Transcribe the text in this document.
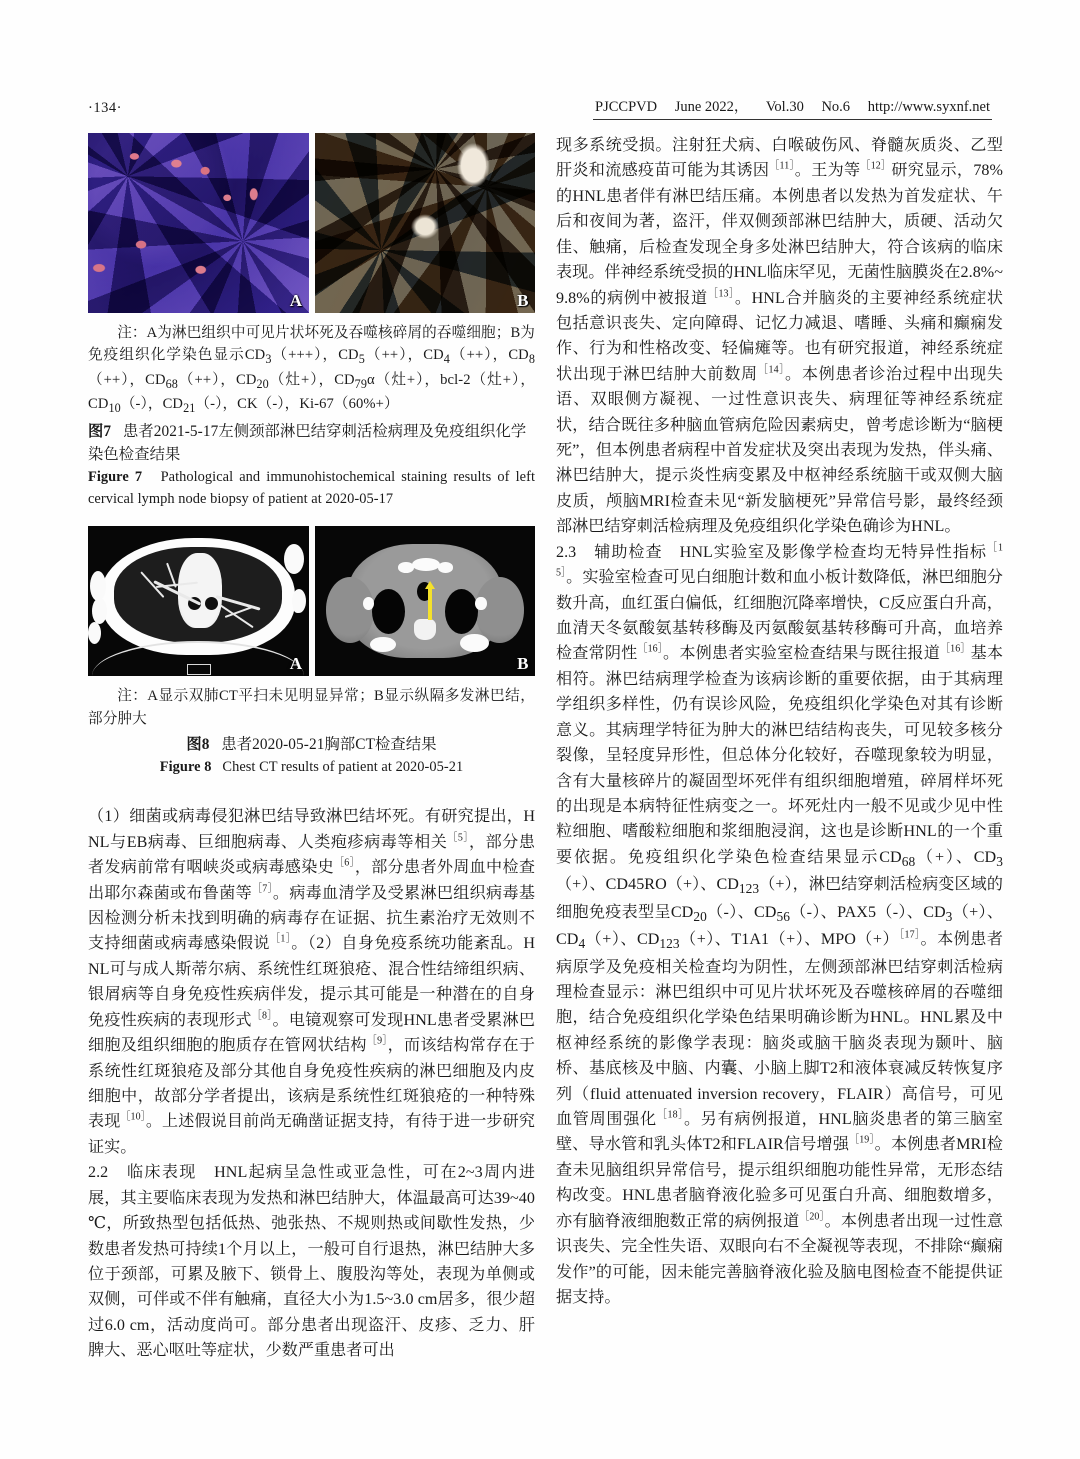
·134·	PJCCPVD June 2022， Vol.30 No.6 http://www.syxnf.net
A	B
注：A为淋巴组织中可见片状坏死及吞噬核碎屑的吞噬细胞；B为免疫组织化学染色显示$CD_3(+++)$，$CD_5(++)$，$CD_4(++)$，$CD_8(++)$，$CD_{68}(++)$，$CD_{20}$（灶+），$CD_{79}\alpha$（灶+），bcl-2（灶+），$CD_{10}(-)$，$CD_{21}(-)$，CK（-），Ki-67（60%+）
图7 患者2021-5-17左侧颈部淋巴结穿刺活检病理及免疫组织化学染色检查结果
Figure 7 Pathological and immunohistochemical staining results of left cervical lymph node biopsy of patient at 2020-05-17
A	B
注：A显示双肺CT平扫未见明显异常；B显示纵隔多发淋巴结，部分肿大
图8 患者2020-05-21胸部CT检查结果
Figure 8 Chest CT results of patient at 2020-05-21

（1）细菌或病毒侵犯淋巴结导致淋巴结坏死。有研究提出，HNL与EB病毒、巨细胞病毒、人类疱疹病毒等相关$^{[5]}$，部分患者发病前常有咽峡炎或病毒感染史$^{[6]}$，部分患者外周血中检查出耶尔森菌或布鲁菌等$^{[7]}$。病毒血清学及受累淋巴组织病毒基因检测分析未找到明确的病毒存在证据、抗生素治疗无效则不支持细菌或病毒感染假说$^{[1]}$。（2）自身免疫系统功能紊乱。HNL可与成人斯蒂尔病、系统性红斑狼疮、混合性结缔组织病、银屑病等自身免疫性疾病伴发，提示其可能是一种潜在的自身免疫性疾病的表现形式$^{[8]}$。电镜观察可发现HNL患者受累淋巴细胞及组织细胞的胞质存在管网状结构$^{[9]}$，而该结构常存在于系统性红斑狼疮及部分其他自身免疫性疾病的淋巴细胞及内皮细胞中，故部分学者提出，该病是系统性红斑狼疮的一种特殊表现$^{[10]}$。上述假说目前尚无确凿证据支持，有待于进一步研究证实。

2.2　临床表现　HNL起病呈急性或亚急性，可在2~3周内进展，其主要临床表现为发热和淋巴结肿大，体温最高可达39~40 ℃，所致热型包括低热、弛张热、不规则热或间歇性发热，少数患者发热可持续1个月以上，一般可自行退热，淋巴结肿大多位于颈部，可累及腋下、锁骨上、腹股沟等处，表现为单侧或双侧，可伴或不伴有触痛，直径大小为1.5~3.0 cm居多，很少超过6.0 cm，活动度尚可。部分患者出现盗汗、皮疹、乏力、肝脾大、恶心呕吐等症状，少数严重患者可出

现多系统受损。注射狂犬病、白喉破伤风、脊髓灰质炎、乙型肝炎和流感疫苗可能为其诱因$^{[11]}$。王为等$^{[12]}$研究显示，78%的HNL患者伴有淋巴结压痛。本例患者以发热为首发症状、午后和夜间为著，盗汗，伴双侧颈部淋巴结肿大，质硬、活动欠佳、触痛，后检查发现全身多处淋巴结肿大，符合该病的临床表现。伴神经系统受损的HNL临床罕见，无菌性脑膜炎在2.8%~9.8%的病例中被报道$^{[13]}$。HNL合并脑炎的主要神经系统症状包括意识丧失、定向障碍、记忆力减退、嗜睡、头痛和癫痫发作、行为和性格改变、轻偏瘫等。也有研究报道，神经系统症状出现于淋巴结肿大前数周$^{[14]}$。本例患者诊治过程中出现失语、双眼侧方凝视、一过性意识丧失、病理征等神经系统症状，结合既往多种脑血管病危险因素病史，曾考虑诊断为“脑梗死”，但本例患者病程中首发症状及突出表现为发热，伴头痛、淋巴结肿大，提示炎性病变累及中枢神经系统脑干或双侧大脑皮质，颅脑MRI检查未见“新发脑梗死”异常信号影，最终经颈部淋巴结穿刺活检病理及免疫组织化学染色确诊为HNL。

2.3　辅助检查　HNL实验室及影像学检查均无特异性指标$^{[15]}$。实验室检查可见白细胞计数和血小板计数降低，淋巴细胞分数升高，血红蛋白偏低，红细胞沉降率增快，C反应蛋白升高，血清天冬氨酸氨基转移酶及丙氨酸氨基转移酶可升高，血培养检查常阴性$^{[16]}$。本例患者实验室检查结果与既往报道$^{[16]}$基本相符。淋巴结病理学检查为该病诊断的重要依据，由于其病理学组织多样性，仍有误诊风险，免疫组织化学染色对其有诊断意义。其病理学特征为肿大的淋巴结结构丧失，可见较多核分裂像，呈轻度异形性，但总体分化较好，吞噬现象较为明显，含有大量核碎片的凝固型坏死伴有组织细胞增殖，碎屑样坏死的出现是本病特征性病变之一。坏死灶内一般不见或少见中性粒细胞、嗜酸粒细胞和浆细胞浸润，这也是诊断HNL的一个重要依据。免疫组织化学染色检查结果显示$CD_{68}(+)$、$CD_3(+)$、CD45RO（+）、$CD_{123}(+)$，淋巴结穿刺活检病变区域的细胞免疫表型呈$CD_{20}(-)$、$CD_{56}(-)$、PAX5（-）、$CD_3(+)$、$CD_4(+)$、$CD_{123}(+)$、T1A1（+）、MPO（+）$^{[17]}$。本例患者病原学及免疫相关检查均为阴性，左侧颈部淋巴结穿刺活检病理检查显示：淋巴组织中可见片状坏死及吞噬核碎屑的吞噬细胞，结合免疫组织化学染色结果明确诊断为HNL。HNL累及中枢神经系统的影像学表现：脑炎或脑干脑炎表现为颞叶、脑桥、基底核及中脑、内囊、小脑上脚T2和液体衰减反转恢复序列（fluid attenuated inversion recovery，FLAIR）高信号，可见血管周围强化$^{[18]}$。另有病例报道，HNL脑炎患者的第三脑室壁、导水管和乳头体T2和FLAIR信号增强$^{[19]}$。本例患者MRI检查未见脑组织异常信号，提示组织细胞功能性异常，无形态结构改变。HNL患者脑脊液化验多可见蛋白升高、细胞数增多，亦有脑脊液细胞数正常的病例报道$^{[20]}$。本例患者出现一过性意识丧失、完全性失语、双眼向右不全凝视等表现，不排除“癫痫发作”的可能，因未能完善脑脊液化验及脑电图检查不能提供证据支持。
